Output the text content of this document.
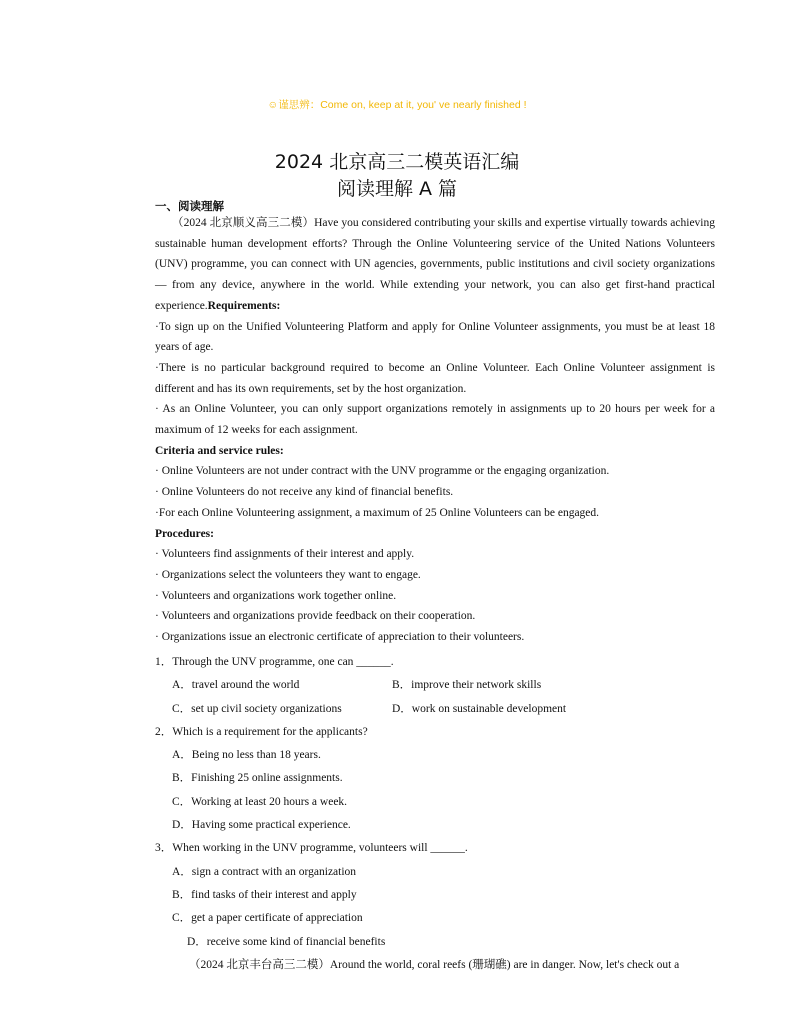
☺谨思辨：Come on, keep at it, you' ve nearly finished !
2024 北京高三二模英语汇编
阅读理解 A 篇
一、阅读理解

（2024 北京顺义高三二模）Have you considered contributing your skills and expertise virtually towards achieving sustainable human development efforts? Through the Online Volunteering service of the United Nations Volunteers (UNV) programme, you can connect with UN agencies, governments, public institutions and civil society organizations — from any device, anywhere in the world. While extending your network, you can also get first-hand practical experience.Requirements:

·To sign up on the Unified Volunteering Platform and apply for Online Volunteer assignments, you must be at least 18 years of age.

·There is no particular background required to become an Online Volunteer. Each Online Volunteer assignment is different and has its own requirements, set by the host organization.

· As an Online Volunteer, you can only support organizations remotely in assignments up to 20 hours per week for a maximum of 12 weeks for each assignment.

Criteria and service rules:

· Online Volunteers are not under contract with the UNV programme or the engaging organization.

· Online Volunteers do not receive any kind of financial benefits.

·For each Online Volunteering assignment, a maximum of 25 Online Volunteers can be engaged.

Procedures:

· Volunteers find assignments of their interest and apply.

· Organizations select the volunteers they want to engage.

· Volunteers and organizations work together online.

· Volunteers and organizations provide feedback on their cooperation.

· Organizations issue an electronic certificate of appreciation to their volunteers.

1．Through the UNV programme, one can ______.
A．travel around the world	B．improve their network skills
C．set up civil society organizations	D．work on sustainable development
2．Which is a requirement for the applicants?
A．Being no less than 18 years.
B．Finishing 25 online assignments.
C．Working at least 20 hours a week.
D．Having some practical experience.
3．When working in the UNV programme, volunteers will ______.
A．sign a contract with an organization
B．find tasks of their interest and apply
C．get a paper certificate of appreciation
D．receive some kind of financial benefits
（2024 北京丰台高三二模）Around the world, coral reefs (珊瑚礁) are in danger. Now, let's check out a
